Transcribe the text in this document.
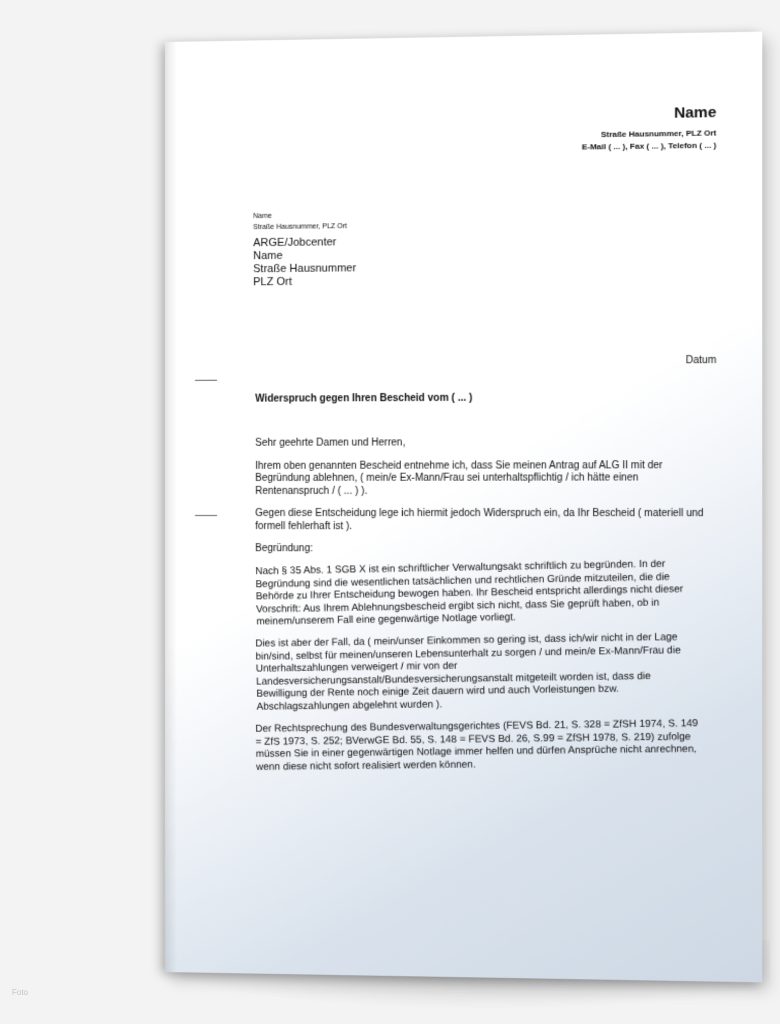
Name
Straße Hausnummer, PLZ Ort
E-Mail ( ... ), Fax ( ... ), Telefon ( ... )
Name
Straße Hausnummer, PLZ Ort
ARGE/Jobcenter
Name
Straße Hausnummer
PLZ Ort
Datum
Widerspruch gegen Ihren Bescheid vom ( ... )

Sehr geehrte Damen und Herren,

Ihrem oben genannten Bescheid entnehme ich, dass Sie meinen Antrag auf ALG II mit der Begründung ablehnen, ( mein/e Ex-Mann/Frau sei unterhaltspflichtig / ich hätte einen Rentenanspruch / ( ... ) ).

Gegen diese Entscheidung lege ich hiermit jedoch Widerspruch ein, da Ihr Bescheid ( materiell und formell fehlerhaft ist ).

Begründung:

Nach § 35 Abs. 1 SGB X ist ein schriftlicher Verwaltungsakt schriftlich zu begründen. In der Begründung sind die wesentlichen tatsächlichen und rechtlichen Gründe mitzuteilen, die die Behörde zu Ihrer Entscheidung bewogen haben. Ihr Bescheid entspricht allerdings nicht dieser Vorschrift: Aus Ihrem Ablehnungsbescheid ergibt sich nicht, dass Sie geprüft haben, ob in meinem/unserem Fall eine gegenwärtige Notlage vorliegt.

Dies ist aber der Fall, da ( mein/unser Einkommen so gering ist, dass ich/wir nicht in der Lage bin/sind, selbst für meinen/unseren Lebensunterhalt zu sorgen / und mein/e Ex-Mann/Frau die Unterhaltszahlungen verweigert / mir von der Landesversicherungsanstalt/Bundesversicherungsanstalt mitgeteilt worden ist, dass die Bewilligung der Rente noch einige Zeit dauern wird und auch Vorleistungen bzw. Abschlagszahlungen abgelehnt wurden ).

Der Rechtsprechung des Bundesverwaltungsgerichtes (FEVS Bd. 21, S. 328 = ZfSH 1974, S. 149 = ZfS 1973, S. 252; BVerwGE Bd. 55, S. 148 = FEVS Bd. 26, S.99 = ZfSH 1978, S. 219) zufolge müssen Sie in einer gegenwärtigen Notlage immer helfen und dürfen Ansprüche nicht anrechnen, wenn diese nicht sofort realisiert werden können.

Foto
